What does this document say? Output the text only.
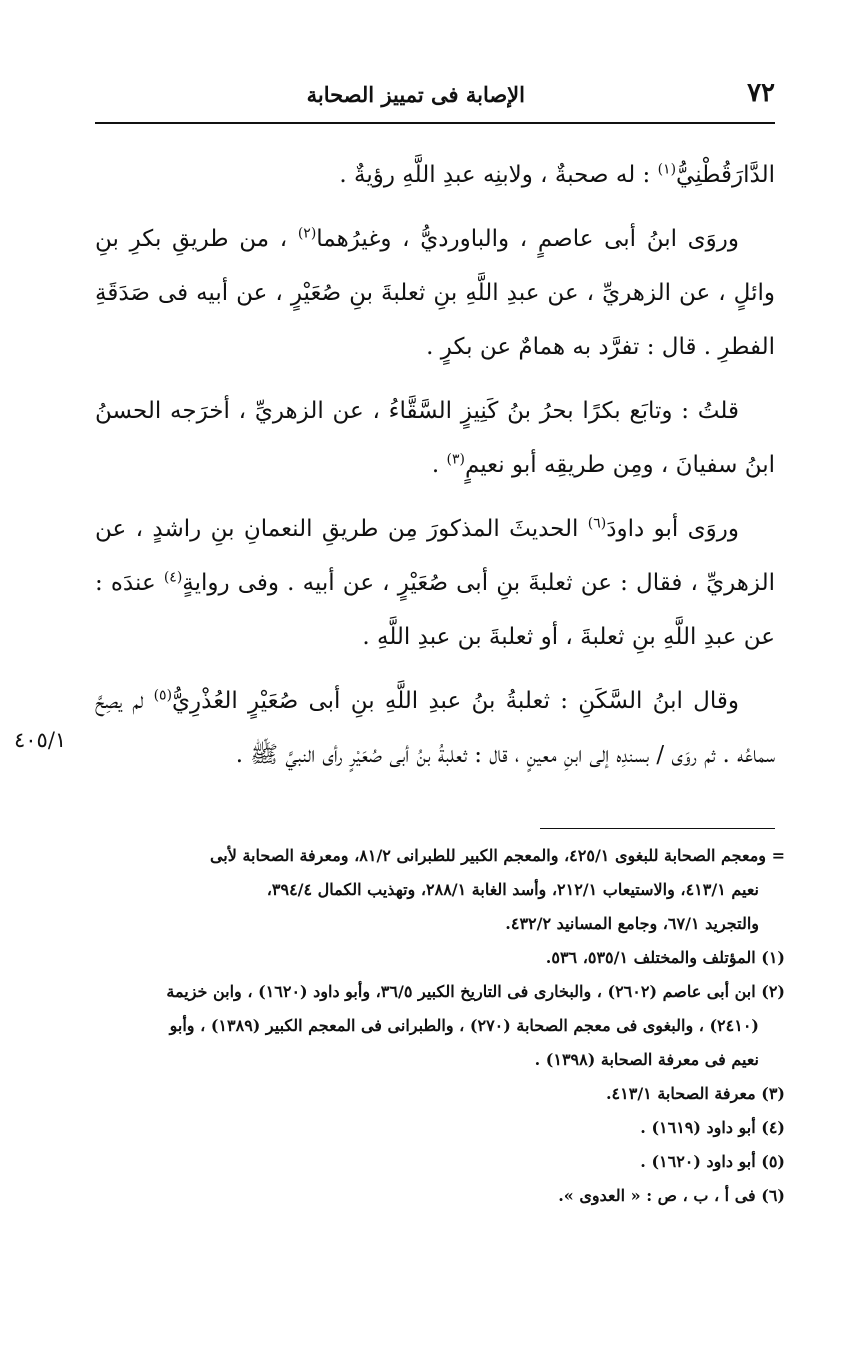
٧٢
الإصابة فى تمييز الصحابة
٤٠٥/١

الدَّارَقُطْنِيُّ$^{(١)}$ : له صحبةٌ ، ولابنِه عبدِ اللَّهِ رؤيةٌ .

وروَى ابنُ أبى عاصمٍ ، والباورديُّ ، وغيرُهما$^{(٢)}$ ، من طريقِ بكرِ بنِ وائلٍ ، عن الزهريِّ ، عن عبدِ اللَّهِ بنِ ثعلبةَ بنِ صُعَيْرٍ ، عن أبيه فى صَدَقَةِ الفطرِ . قال : تفرَّد به همامٌ عن بكرٍ .

قلتُ : وتابَع بكرًا بحرُ بنُ كَنِيزٍ السَّقَّاءُ ، عن الزهريِّ ، أخرَجه الحسنُ ابنُ سفيانَ ، ومِن طريقِه أبو نعيمٍ$^{(٣)}$ .

وروَى أبو داودَ$^{(٦)}$ الحديثَ المذكورَ مِن طريقِ النعمانِ بنِ راشدٍ ، عن الزهريِّ ، فقال : عن ثعلبةَ بنِ أبى صُعَيْرٍ ، عن أبيه . وفى روايةٍ$^{(٤)}$ عندَه : عن عبدِ اللَّهِ بنِ ثعلبةَ ، أو ثعلبةَ بن عبدِ اللَّهِ .

وقال ابنُ السَّكَنِ : ثعلبةُ بنُ عبدِ اللَّهِ بنِ أبى صُعَيْرٍ العُذْرِيُّ$^{(٥)}$ لم يصِحَّ سماعُه . ثم روَى / بسندِه إلى ابنِ معينٍ ، قال : ثعلبةُ بنُ أبى صُعَيْرٍ رأى النبيَّ ﷺ .

= ومعجم الصحابة للبغوى ٤٢٥/١، والمعجم الكبير للطبرانى ٨١/٢، ومعرفة الصحابة لأبى

نعيم ٤١٣/١، والاستيعاب ٢١٢/١، وأسد الغابة ٢٨٨/١، وتهذيب الكمال ٣٩٤/٤،

والتجريد ٦٧/١، وجامع المسانيد ٤٣٢/٢.

(١) المؤتلف والمختلف ٥٣٥/١، ٥٣٦.

(٢) ابن أبى عاصم (٢٦٠٢) ، والبخارى فى التاريخ الكبير ٣٦/٥، وأبو داود (١٦٢٠) ، وابن خزيمة

(٢٤١٠) ، والبغوى فى معجم الصحابة (٢٧٠) ، والطبرانى فى المعجم الكبير (١٣٨٩) ، وأبو

نعيم فى معرفة الصحابة (١٣٩٨) .

(٣) معرفة الصحابة ٤١٣/١.

(٤) أبو داود (١٦١٩) .

(٥) أبو داود (١٦٢٠) .

(٦) فى أ ، ب ، ص : « العدوى ».
